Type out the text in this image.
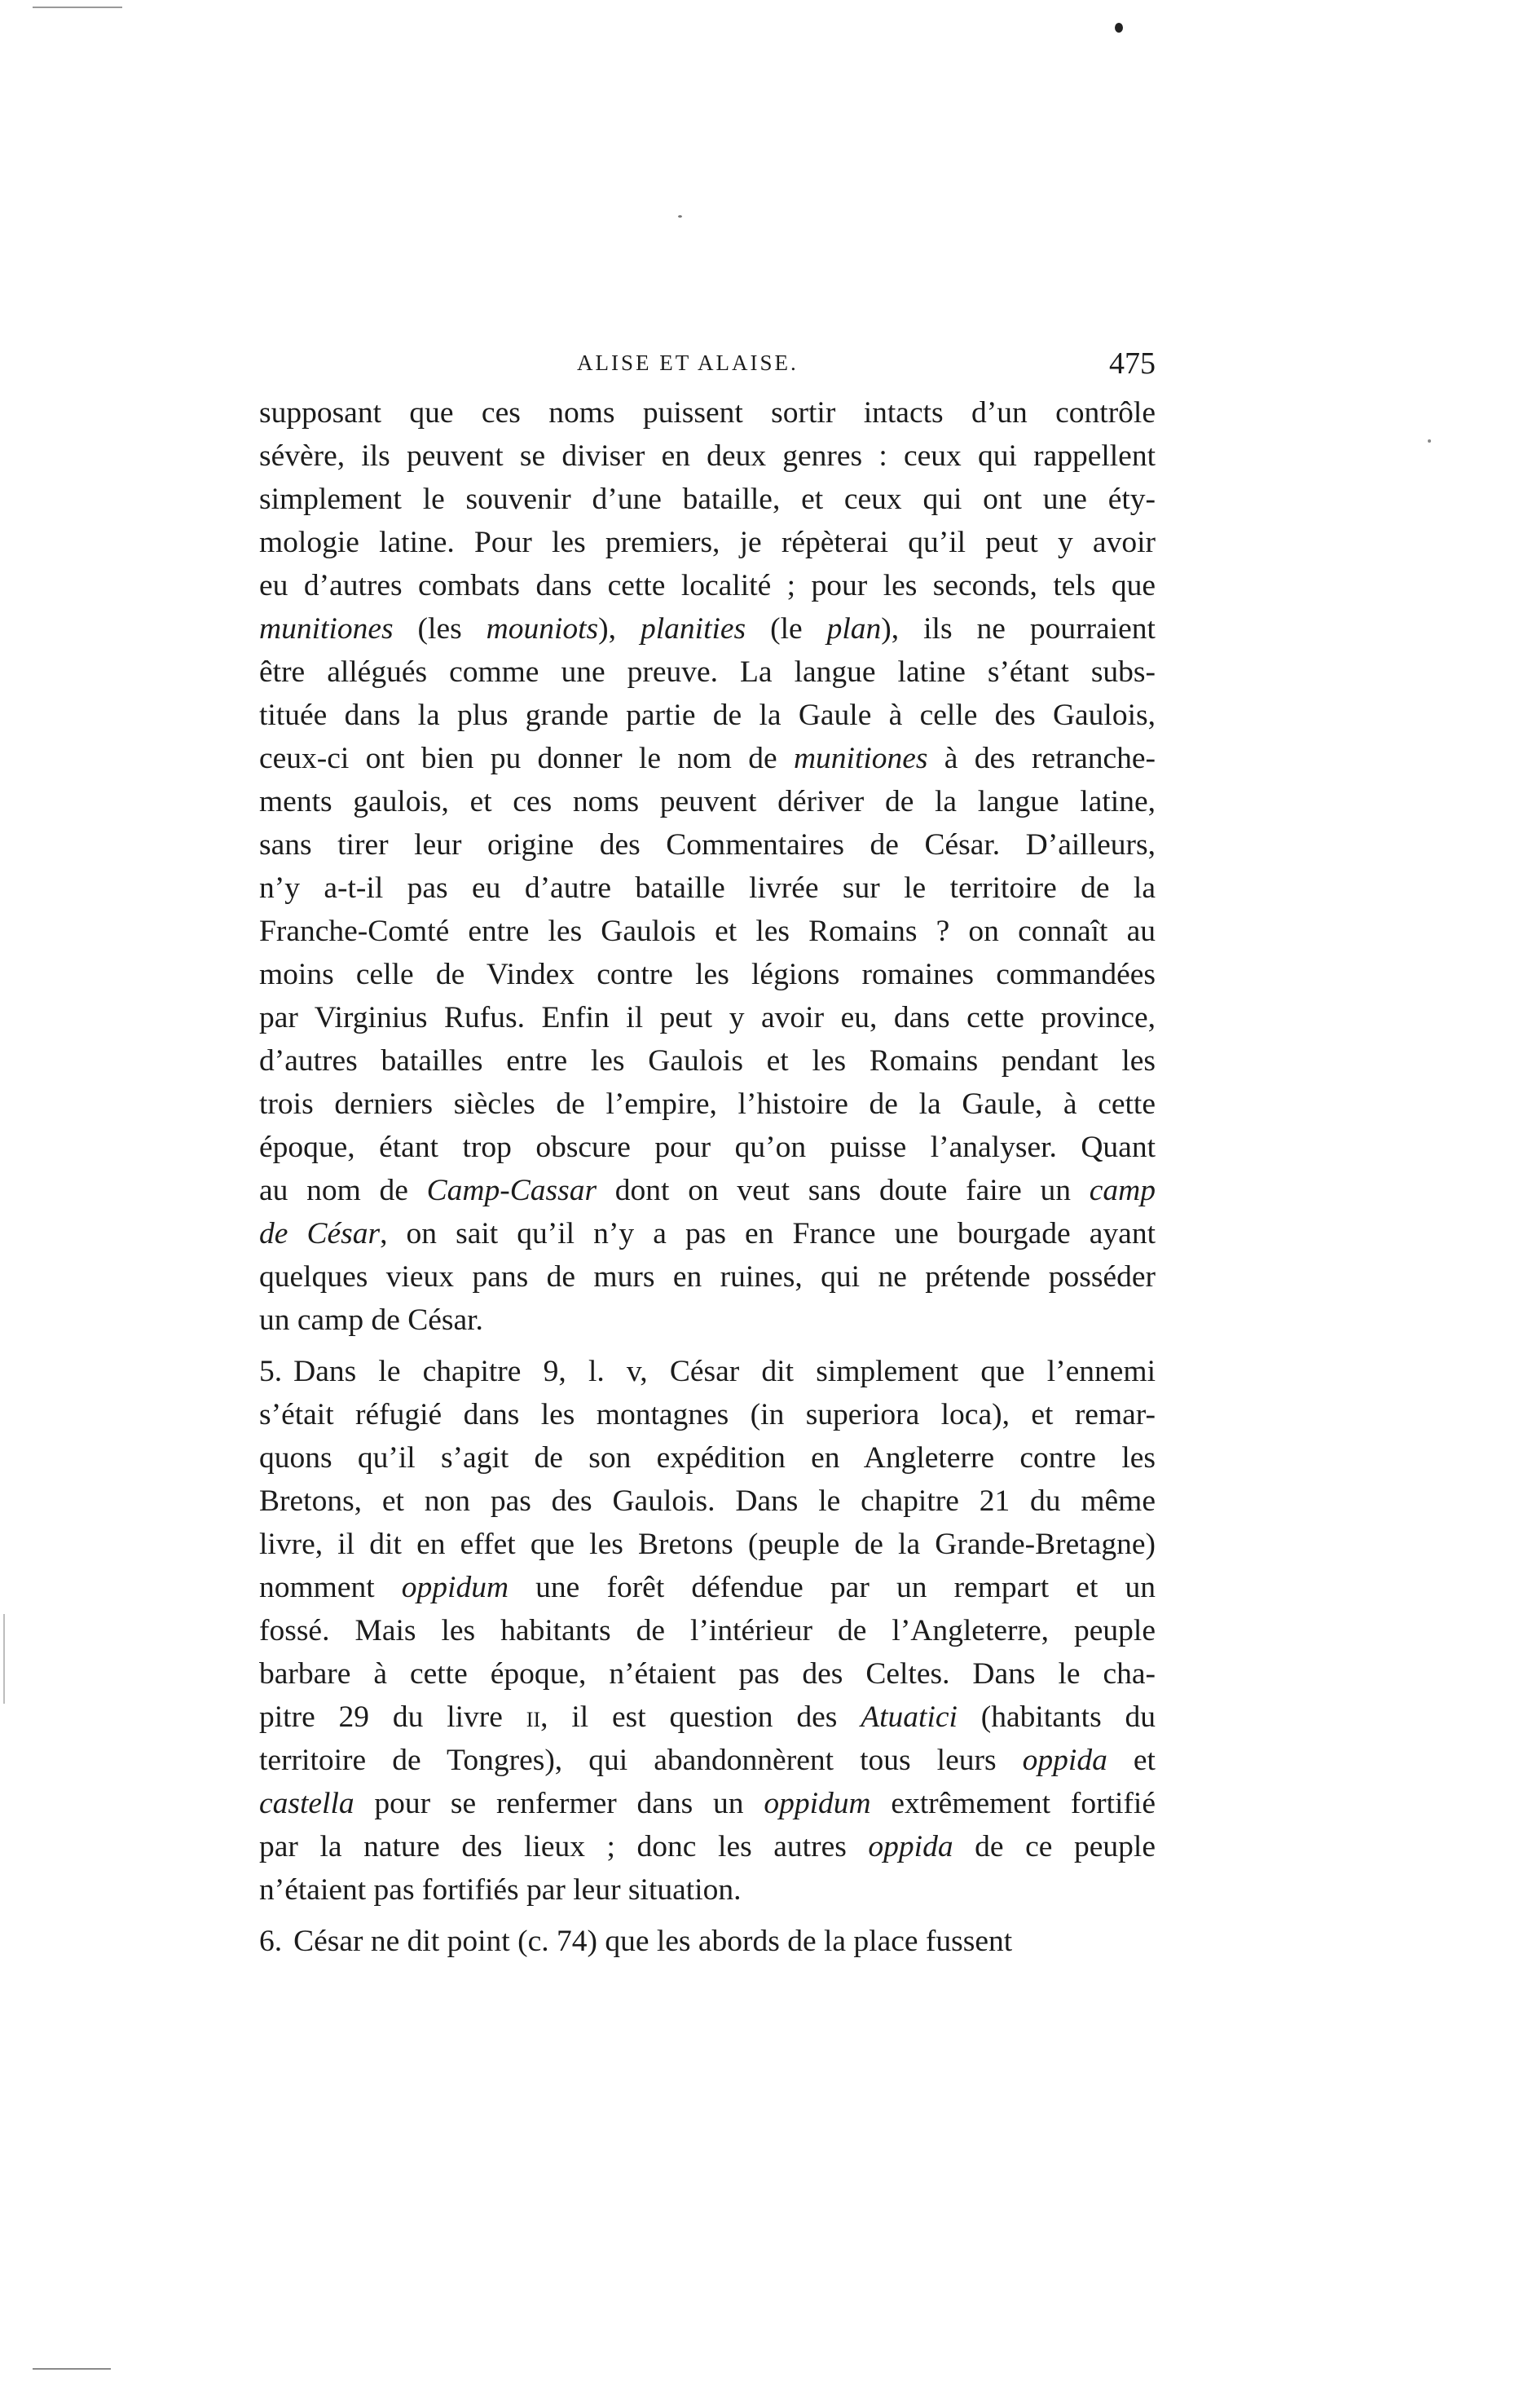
ALISE ET ALAISE.	475
supposant que ces noms puissent sortir intacts d’un contrôle
sévère, ils peuvent se diviser en deux genres : ceux qui rappellent
simplement le souvenir d’une bataille, et ceux qui ont une éty-
mologie latine. Pour les premiers, je répèterai qu’il peut y avoir
eu d’autres combats dans cette localité ; pour les seconds, tels que
munitiones (les mouniots), planities (le plan), ils ne pourraient
être allégués comme une preuve. La langue latine s’étant subs-
tituée dans la plus grande partie de la Gaule à celle des Gaulois,
ceux-ci ont bien pu donner le nom de munitiones à des retranche-
ments gaulois, et ces noms peuvent dériver de la langue latine,
sans tirer leur origine des Commentaires de César. D’ailleurs,
n’y a-t-il pas eu d’autre bataille livrée sur le territoire de la
Franche-Comté entre les Gaulois et les Romains ? on connaît au
moins celle de Vindex contre les légions romaines commandées
par Virginius Rufus. Enfin il peut y avoir eu, dans cette province,
d’autres batailles entre les Gaulois et les Romains pendant les
trois derniers siècles de l’empire, l’histoire de la Gaule, à cette
époque, étant trop obscure pour qu’on puisse l’analyser. Quant
au nom de Camp-Cassar dont on veut sans doute faire un camp
de César, on sait qu’il n’y a pas en France une bourgade ayant
quelques vieux pans de murs en ruines, qui ne prétende posséder
un camp de César.
5.Dans le chapitre 9, l. v, César dit simplement que l’ennemi
s’était réfugié dans les montagnes (in superiora loca), et remar-
quons qu’il s’agit de son expédition en Angleterre contre les
Bretons, et non pas des Gaulois. Dans le chapitre 21 du même
livre, il dit en effet que les Bretons (peuple de la Grande-Bretagne)
nomment oppidum une forêt défendue par un rempart et un
fossé. Mais les habitants de l’intérieur de l’Angleterre, peuple
barbare à cette époque, n’étaient pas des Celtes. Dans le cha-
pitre 29 du livre ii, il est question des Atuatici (habitants du
territoire de Tongres), qui abandonnèrent tous leurs oppida et
castella pour se renfermer dans un oppidum extrêmement fortifié
par la nature des lieux ; donc les autres oppida de ce peuple
n’étaient pas fortifiés par leur situation.
6.César ne dit point (c. 74) que les abords de la place fussent
